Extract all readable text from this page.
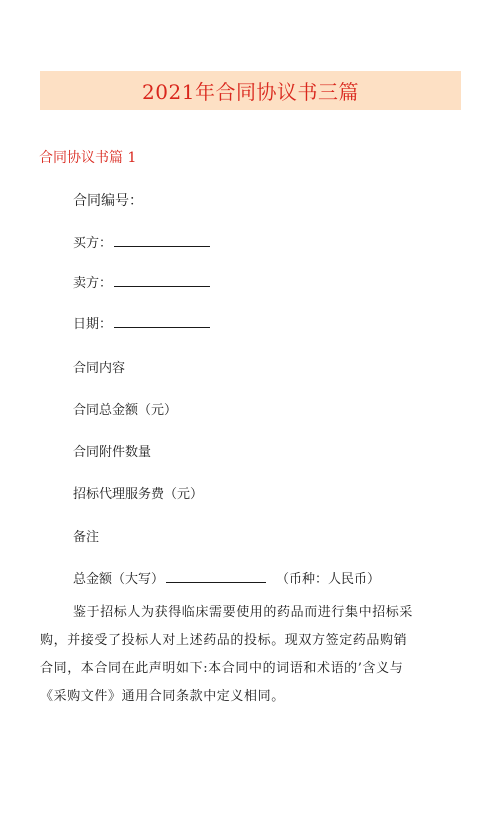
2021年合同协议书三篇
合同协议书篇 1
合同编号：
买方：
卖方：
日期：
合同内容
合同总金额（元）
合同附件数量
招标代理服务费（元）
备注
总金额（大写）	（币种：人民币）
鉴于招标人为获得临床需要使用的药品而进行集中招标采购，并接受了投标人对上述药品的投标。现双方签定药品购销合同，本合同在此声明如下:本合同中的词语和术语的’含义与《采购文件》通用合同条款中定义相同。
